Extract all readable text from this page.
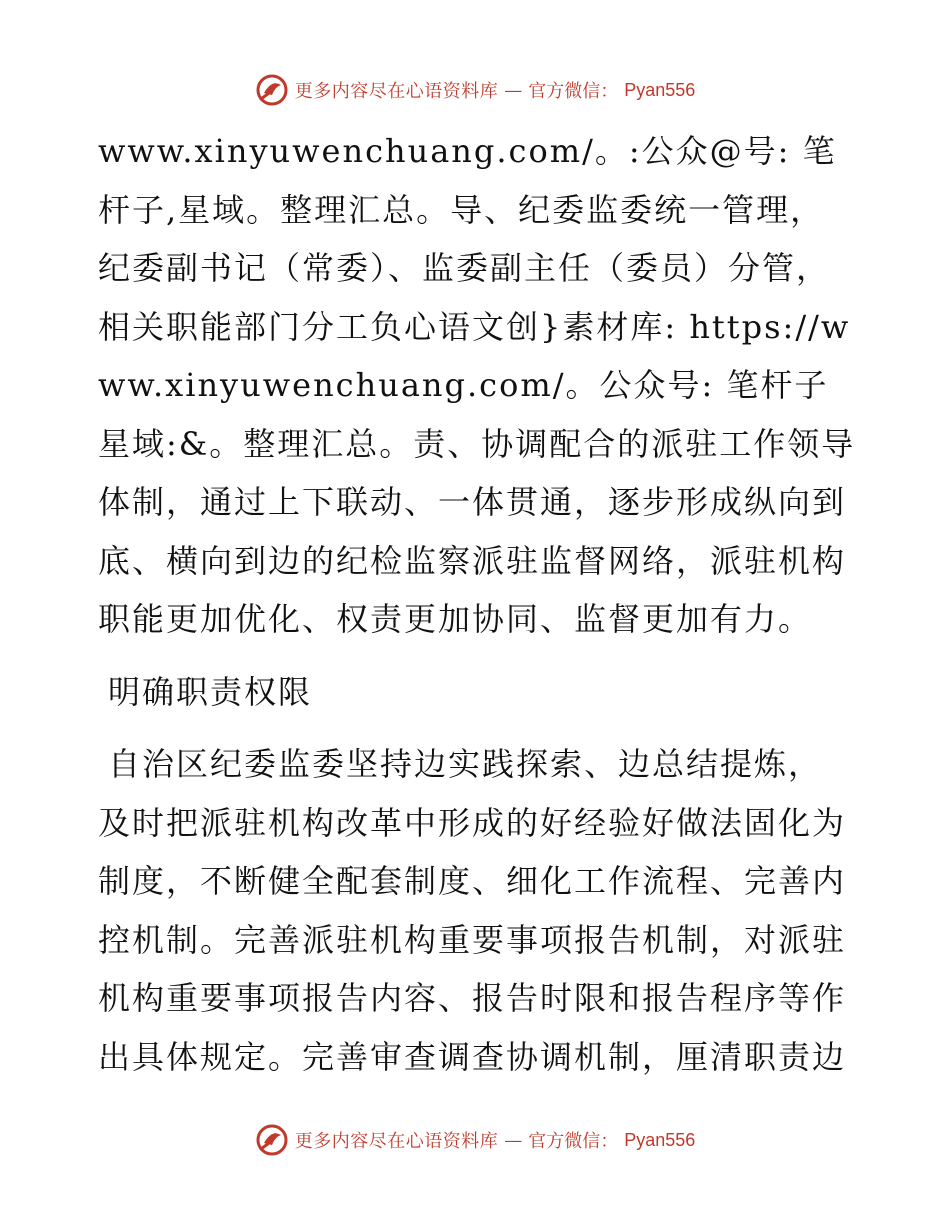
更多内容尽在心语资料库 — 官方微信： Pyan556

www.xinyuwenchuang.com/。:公众@号: 笔杆子,星域。整理汇总。导、纪委监委统一管理，纪委副书记（常委）、监委副主任（委员）分管，相关职能部门分工负心语文创}素材库: https://www.xinyuwenchuang.com/。公众号: 笔杆子星域:&。整理汇总。责、协调配合的派驻工作领导体制，通过上下联动、一体贯通，逐步形成纵向到底、横向到边的纪检监察派驻监督网络，派驻机构职能更加优化、权责更加协同、监督更加有力。

明确职责权限

自治区纪委监委坚持边实践探索、边总结提炼，
及时把派驻机构改革中形成的好经验好做法固化为制度，不断健全配套制度、细化工作流程、完善内控机制。完善派驻机构重要事项报告机制，对派驻机构重要事项报告内容、报告时限和报告程序等作出具体规定。完善审查调查协调机制，厘清职责边

更多内容尽在心语资料库 — 官方微信： Pyan556
